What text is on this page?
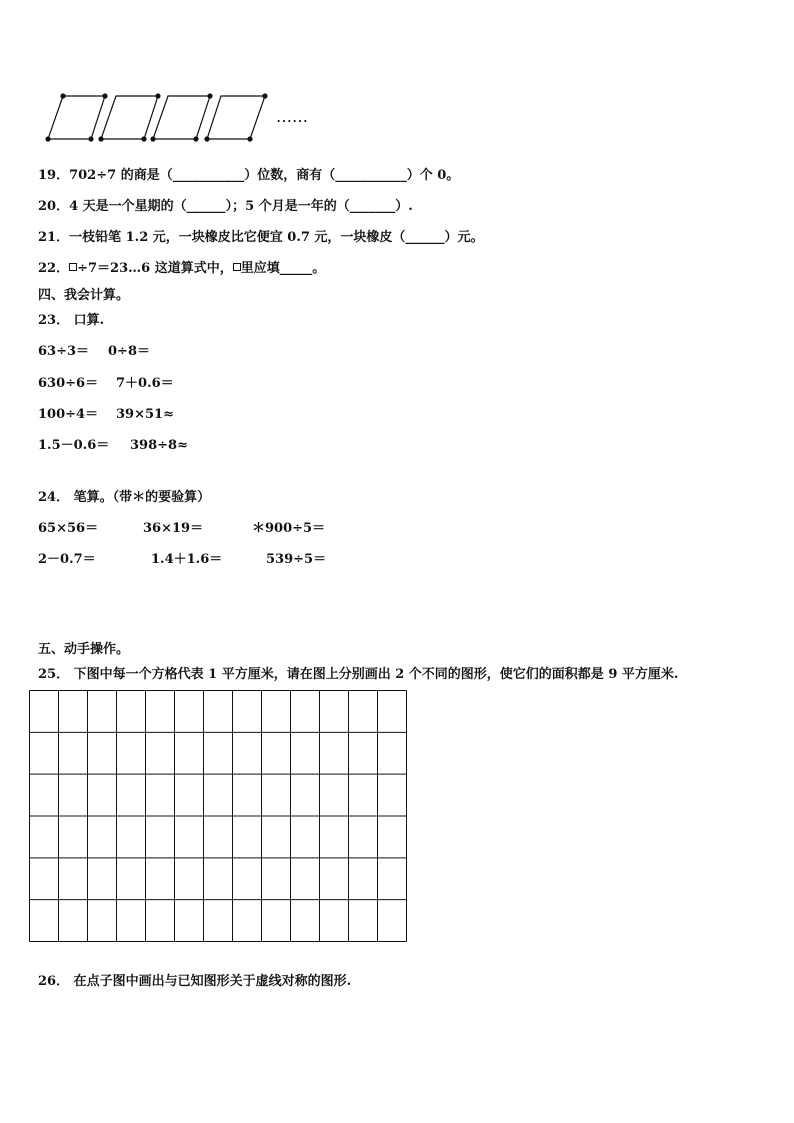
……
19．702÷7 的商是（___________）位数，商有（___________）个 0。
20．4 天是一个星期的（______）；5 个月是一年的（_______）.
21．一枝铅笔 1.2 元，一块橡皮比它便宜 0.7 元，一块橡皮（______）元。
22． ÷7＝23…6 这道算式中， 里应填_____。
四、我会计算。
23． 口算.
63÷3＝ 0÷8＝
630÷6＝ 7＋0.6＝
100÷4＝ 39×51≈
1.5－0.6＝ 398÷8≈
24． 笔算。（带＊的要验算）
65×56＝	36×19＝	＊900÷5＝
2－0.7＝	1.4＋1.6＝	539÷5＝
五、动手操作。
25． 下图中每一个方格代表 1 平方厘米，请在图上分别画出 2 个不同的图形，使它们的面积都是 9 平方厘米.
26． 在点子图中画出与已知图形关于虚线对称的图形.
